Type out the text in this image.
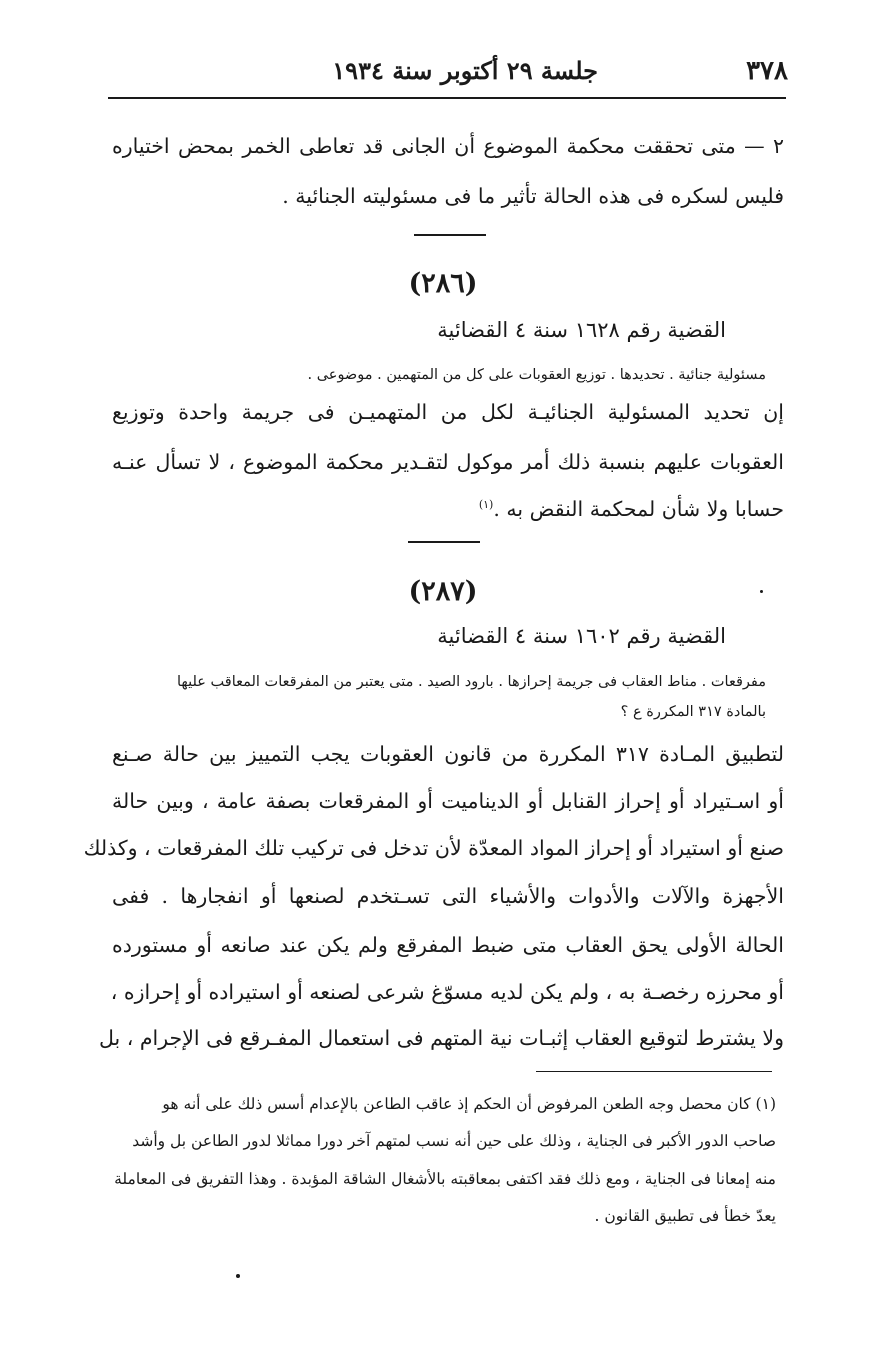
٣٧٨
جلسة ٢٩ أكتوبر سنة ١٩٣٤
٢ — متى تحققت محكمة الموضوع أن الجانى قد تعاطى الخمر بمحض اختياره
فليس لسكره فى هذه الحالة تأثير ما فى مسئوليته الجنائية .
(٢٨٦)
القضية رقم ١٦٢٨ سنة ٤ القضائية
مسئولية جنائية . تحديدها . توزيع العقوبات على كل من المتهمين . موضوعى .
إن تحديد المسئولية الجنائيـة لكل من المتهميـن فى جريمة واحدة وتوزيع
العقوبات عليهم بنسبة ذلك أمر موكول لتقـدير محكمة الموضوع ، لا تسأل عنـه
حسابا ولا شأن لمحكمة النقض به .$^{(١)}$
(٢٨٧)
القضية رقم ١٦٠٢ سنة ٤ القضائية
مفرقعات . مناط العقاب فى جريمة إحرازها . بارود الصيد . متى يعتبر من المفرقعات المعاقب عليها
بالمادة ٣١٧ المكررة ع ؟
لتطبيق المـادة ٣١٧ المكررة من قانون العقوبات يجب التمييز بين حالة صـنع
أو اسـتيراد أو إحراز القنابل أو الديناميت أو المفرقعات بصفة عامة ، وبين حالة
صنع أو استيراد أو إحراز المواد المعدّة لأن تدخل فى تركيب تلك المفرقعات ، وكذلك
الأجهزة والآلات والأدوات والأشياء التى تسـتخدم لصنعها أو انفجارها . ففى
الحالة الأولى يحق العقاب متى ضبط المفرقع ولم يكن عند صانعه أو مستورده
أو محرزه رخصـة به ، ولم يكن لديه مسوّغ شرعى لصنعه أو استيراده أو إحرازه ،
ولا يشترط لتوقيع العقاب إثبـات نية المتهم فى استعمال المفـرقع فى الإجرام ، بل
(١) كان محصل وجه الطعن المرفوض أن الحكم إذ عاقب الطاعن بالإعدام أسس ذلك على أنه هو
صاحب الدور الأكبر فى الجناية ، وذلك على حين أنه نسب لمتهم آخر دورا مماثلا لدور الطاعن بل وأشد
منه إمعانا فى الجناية ، ومع ذلك فقد اكتفى بمعاقبته بالأشغال الشاقة المؤبدة . وهذا التفريق فى المعاملة
يعدّ خطأ فى تطبيق القانون .
